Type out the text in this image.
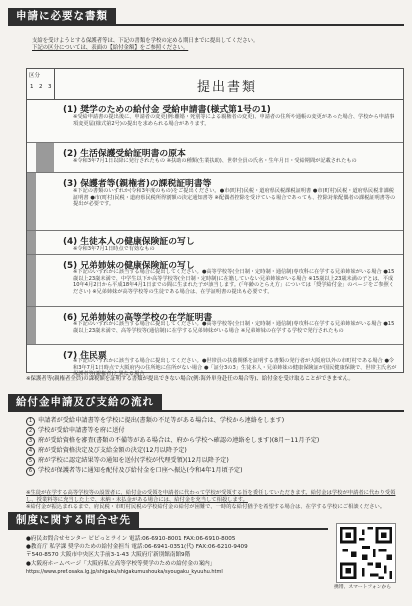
申請に必要な書類
支給を受けようとする保護者等は、下記の書類を学校の定める期日までに提出してください。
下記の区分については、表面の【給付金額】をご参照ください。
区分
1 2 3	提出書類
(1) 奨学のための給付金 受給申請書(様式第1号の1)
※受給申請書の提出後に、申請者の変更(例:離婚・死別等による親権者の変更)、申請者の住所や通帳の変更があった場合、学校から申請事項変更届(様式第2号)の提出を求められる場合があります。
(2) 生活保護受給証明書の原本
※令和3年7月1日以降に発行されたもの ※扶助の種類(生業扶助)、世帯全員の氏名・生年月日・受給期間が記載されたもの
(3) 保護者等(親権者)の課税証明書等
※下記の書類のいずれか(令和3年度のもの)をご提出ください。●市(町村)民税・道府県民税課税証明書 ●市(町村)民税・道府県民税非課税証明書 ●市(町村)民税・道府県民税所得割額の決定通知書等 ※配偶者控除を受けている場合であっても、控除対象配偶者の課税証明書等の提出が必要です。
(4) 生徒本人の健康保険証の写し
※令和3年7月1日時点で有効なもの
(5) 兄弟姉妹の健康保険証の写し
※下記のいずれかに該当する場合に提出してください。●高等学校等(全日制・定時制・通信制)専攻科に在学する兄弟姉妹がいる場合 ●15歳以上23歳未満で、中学生以下か高等学校等(全日制・定時制)に在籍していない兄弟姉妹がいる場合 ※15歳以上23歳未満の子とは、平成10年4月2日から平成18年4月1日までの間に生まれた子が該当します。(「年齢のとらえ方」については「奨学給付金」のページをご参照ください) ※兄弟姉妹が高等学校等の生徒である場合は、在学証明書の提出も必要です。
(6) 兄弟姉妹の高等学校の在学証明書
※下記のいずれかに該当する場合に提出してください。●高等学校等(全日制・定時制・通信制)専攻科に在学する兄弟姉妹がいる場合 ●15歳以上23歳未満で、高等学校等(通信制)に在学する兄弟姉妹がいる場合 ※兄弟姉妹の在学する学校で発行されたもの
(7) 住民票
※下記のいずれかに該当する場合に提出してください。●世帯員の扶養関係を証明する書類の発行者が大阪府以外の市町村である場合 ●令和3年7月1日時点で大阪府内の住所地に住所がない場合 ●「証分3の3」生徒本人・兄弟姉妹の健康保険証が国民健康保険で、世帯主氏名が保護者等(親権者)と異なる場合
※保護者等(親権者全員)の課税額を証明する書類が提出できない場合(例:海外単身赴任の場合等)、給付金を受け取ることができません。
給付金申請及び支給の流れ
1 申請者が受給申請書等を学校に提出(書類の不足等がある場合は、学校から連絡をします)
2 学校が受給申請書等を府に送付
3 府が受給資格を審査(書類の不備等がある場合は、府から学校へ確認の連絡をします)(8月〜11月予定)
4 府が受給資格決定及び支給金額の決定(12月以降予定)
5 府が学校に認定結果等の通知を送付(学校が代理受領)(12月以降予定)
6 学校が保護者等に通知を配付及び給付金を口座へ振込(令和4年1月頃予定)
※生徒が在学する高等学校等の設置者に、給付金の受領を申請者に代わって学校が受領する旨を委任していただきます。給付金は学校が申請者に代わり受領し、授業料等に充当した上で、未納・未払金がある場合には、給付金を充当して相殺します。
※給付金が振込まれるまで、府民税・市町村民税の学校給付金の給付が困難で、一時的な給付猶予を希望する場合は、在学する学校にご相談ください。
制度に関する問合せ先
●府民お問合せセンター ピピっとライン 電話:06-6910-8001 FAX:06-6910-8005
●教育庁 私学課 奨学のための給付金担当 電話:06-6941-0351(代) FAX:06-6210-9409
〒540-8570 大阪市中央区大手前3-1-43 大阪府庁新別館南館9階
●大阪府ホームページ「大阪府私立高等学校等奨学のための給付金の案内」
https://www.pref.osaka.lg.jp/shigaku/shigakumushouka/syougaku_kyuuhu.html
携帯、スマートフォンから
